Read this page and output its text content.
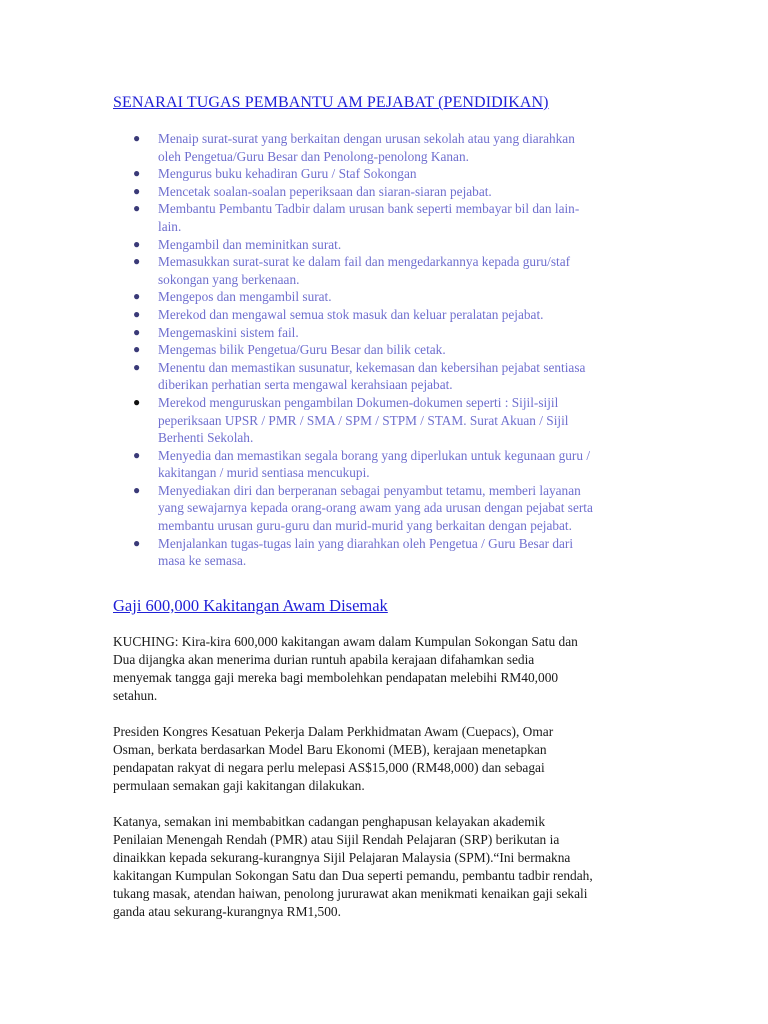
SENARAI TUGAS PEMBANTU AM PEJABAT (PENDIDIKAN)
● Menaip surat-surat yang berkaitan dengan urusan sekolah atau yang diarahkan
oleh Pengetua/Guru Besar dan Penolong-penolong Kanan.
● Mengurus buku kehadiran Guru / Staf Sokongan
● Mencetak soalan-soalan peperiksaan dan siaran-siaran pejabat.
● Membantu Pembantu Tadbir dalam urusan bank seperti membayar bil dan lain-
lain.
● Mengambil dan meminitkan surat.
● Memasukkan surat-surat ke dalam fail dan mengedarkannya kepada guru/staf
sokongan yang berkenaan.
● Mengepos dan mengambil surat.
● Merekod dan mengawal semua stok masuk dan keluar peralatan pejabat.
● Mengemaskini sistem fail.
● Mengemas bilik Pengetua/Guru Besar dan bilik cetak.
● Menentu dan memastikan susunatur, kekemasan dan kebersihan pejabat sentiasa
diberikan perhatian serta mengawal kerahsiaan pejabat.
● Merekod menguruskan pengambilan Dokumen-dokumen seperti : Sijil-sijil
peperiksaan UPSR / PMR / SMA / SPM / STPM / STAM. Surat Akuan / Sijil
Berhenti Sekolah.
● Menyedia dan memastikan segala borang yang diperlukan untuk kegunaan guru /
kakitangan / murid sentiasa mencukupi.
● Menyediakan diri dan berperanan sebagai penyambut tetamu, memberi layanan
yang sewajarnya kepada orang-orang awam yang ada urusan dengan pejabat serta
membantu urusan guru-guru dan murid-murid yang berkaitan dengan pejabat.
● Menjalankan tugas-tugas lain yang diarahkan oleh Pengetua / Guru Besar dari
masa ke semasa.
Gaji 600,000 Kakitangan Awam Disemak

KUCHING: Kira-kira 600,000 kakitangan awam dalam Kumpulan Sokongan Satu dan
Dua dijangka akan menerima durian runtuh apabila kerajaan difahamkan sedia
menyemak tangga gaji mereka bagi membolehkan pendapatan melebihi RM40,000
setahun.

Presiden Kongres Kesatuan Pekerja Dalam Perkhidmatan Awam (Cuepacs), Omar
Osman, berkata berdasarkan Model Baru Ekonomi (MEB), kerajaan menetapkan
pendapatan rakyat di negara perlu melepasi AS$15,000 (RM48,000) dan sebagai
permulaan semakan gaji kakitangan dilakukan.

Katanya, semakan ini membabitkan cadangan penghapusan kelayakan akademik
Penilaian Menengah Rendah (PMR) atau Sijil Rendah Pelajaran (SRP) berikutan ia
dinaikkan kepada sekurang-kurangnya Sijil Pelajaran Malaysia (SPM).“Ini bermakna
kakitangan Kumpulan Sokongan Satu dan Dua seperti pemandu, pembantu tadbir rendah,
tukang masak, atendan haiwan, penolong jururawat akan menikmati kenaikan gaji sekali
ganda atau sekurang-kurangnya RM1,500.
